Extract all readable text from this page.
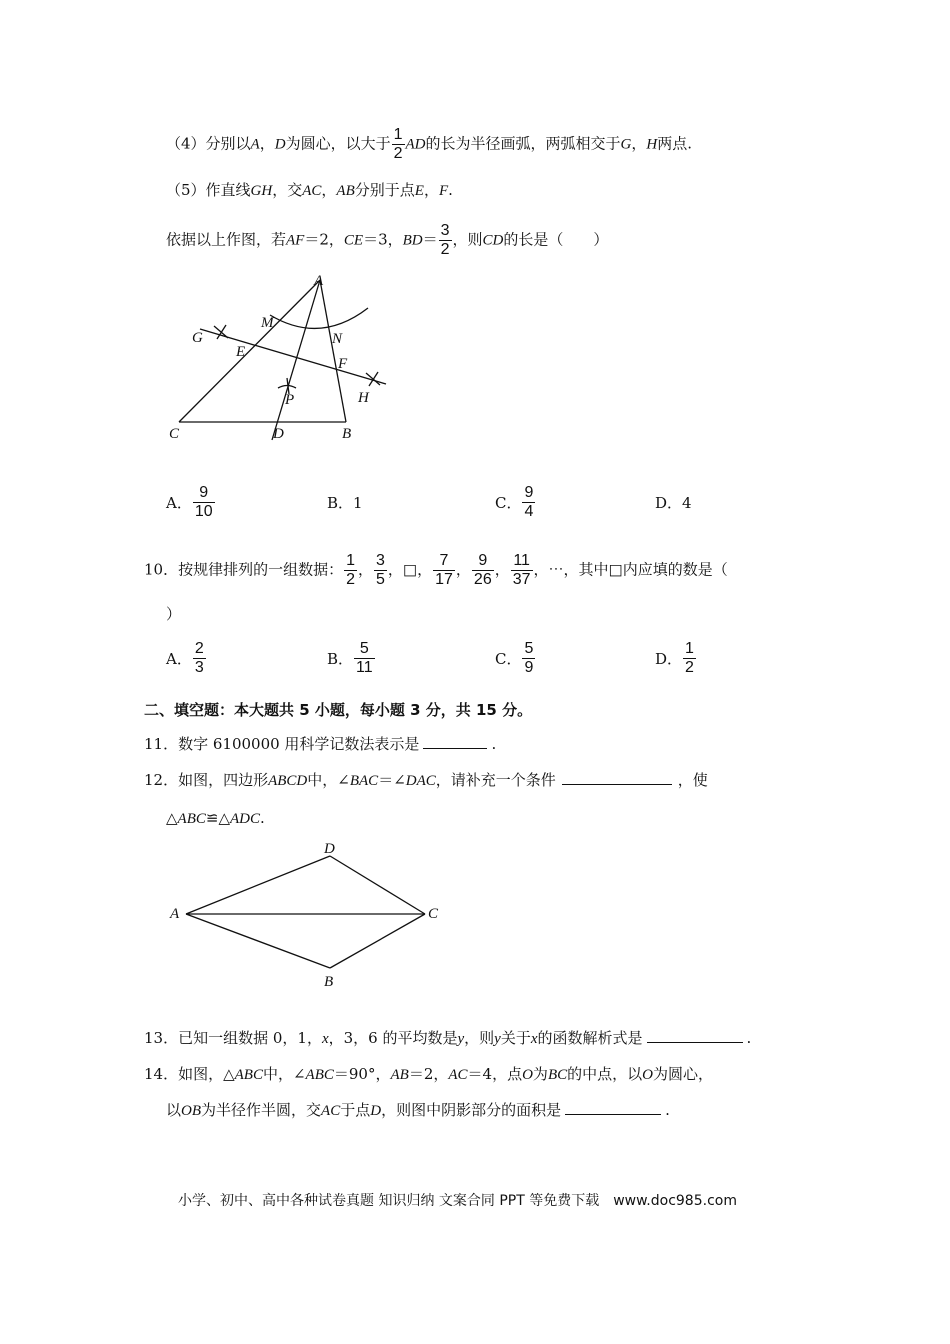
（4）分别以A，D为圆心，以大于 $\frac{1}{2}$ AD的长为半径画弧，两弧相交于G，H两点.
（5）作直线GH，交AC，AB分别于点E，F.
依据以上作图，若AF＝2，CE＝3，$BD= \frac{3}{2}$ ，则CD的长是（　　）
A
M
N
G
E
F
P	H
C	D	B
A． $\frac{9}{10}$	B．1	C． $\frac{9}{4}$	D．4
10．按规律排列的一组数据： $\frac{1}{2}$ ， $\frac{3}{5}$ ，□， $\frac{7}{17}$ ， $\frac{9}{26}$ ， $\frac{11}{37}$ ，⋯，其中□内应填的数是（
）
A． $\frac{2}{3}$	B． $\frac{5}{11}$	C． $\frac{5}{9}$	D． $\frac{1}{2}$
二、填空题：本大题共 5 小题，每小题 3 分，共 15 分。
11．数字 6100000 用科学记数法表示是	.
12．如图，四边形ABCD中，∠BAC＝∠DAC，请补充一个条件	，使
△ABC≌△ADC.
D
A	C
B
13．已知一组数据 0，1，x，3，6 的平均数是y，则y关于x的函数解析式是	.
14．如图，△ABC中，∠ABC＝90°，AB＝2，AC＝4，点O为BC的中点，以O为圆心，
以OB为半径作半圆，交AC于点D，则图中阴影部分的面积是	.
小学、初中、高中各种试卷真题 知识归纳 文案合同 PPT 等免费下载　www.doc985.com
